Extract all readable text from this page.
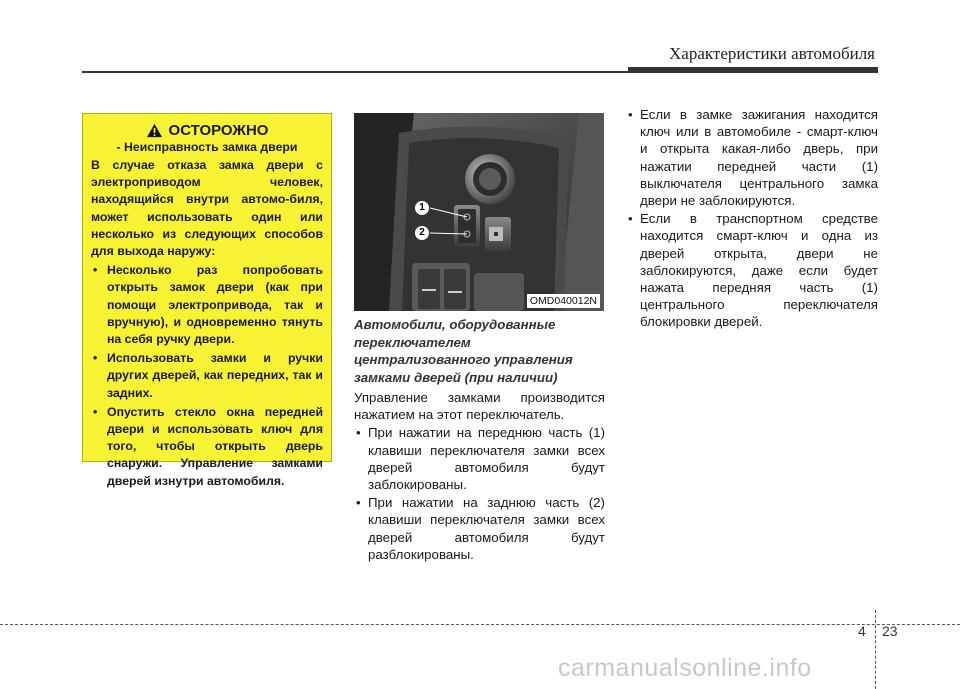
Характеристики автомобиля
ОСТОРОЖНО
- Неисправность замка двери

В случае отказа замка двери с электроприводом человек, находящийся внутри автомо-биля, может использовать один или несколько из следующих способов для выхода наружу:

• Несколько раз попробовать открыть замок двери (как при помощи электропривода, так и вручную), и одновременно тянуть на себя ручку двери.
• Использовать замки и ручки других дверей, как передних, так и задних.
• Опустить стекло окна передней двери и использовать ключ для того, чтобы открыть дверь снаружи. Управление замками дверей изнутри автомобиля.
1
2
OMD040012N

Автомобили, оборудованные переключателем централизованного управления замками дверей (при наличии)

Управление замками производится нажатием на этот переключатель.

• При нажатии на переднюю часть (1) клавиши переключателя замки всех дверей автомобиля будут заблокированы.
• При нажатии на заднюю часть (2) клавиши переключателя замки всех дверей автомобиля будут разблокированы.
• Если в замке зажигания находится ключ или в автомобиле - смарт-ключ и открыта какая-либо дверь, при нажатии передней части (1) выключателя центрального замка двери не заблокируются.
• Если в транспортном средстве находится смарт-ключ и одна из дверей открыта, двери не заблокируются, даже если будет нажата передняя часть (1) центрального переключателя блокировки дверей.
4 23
carmanualsonline.info
